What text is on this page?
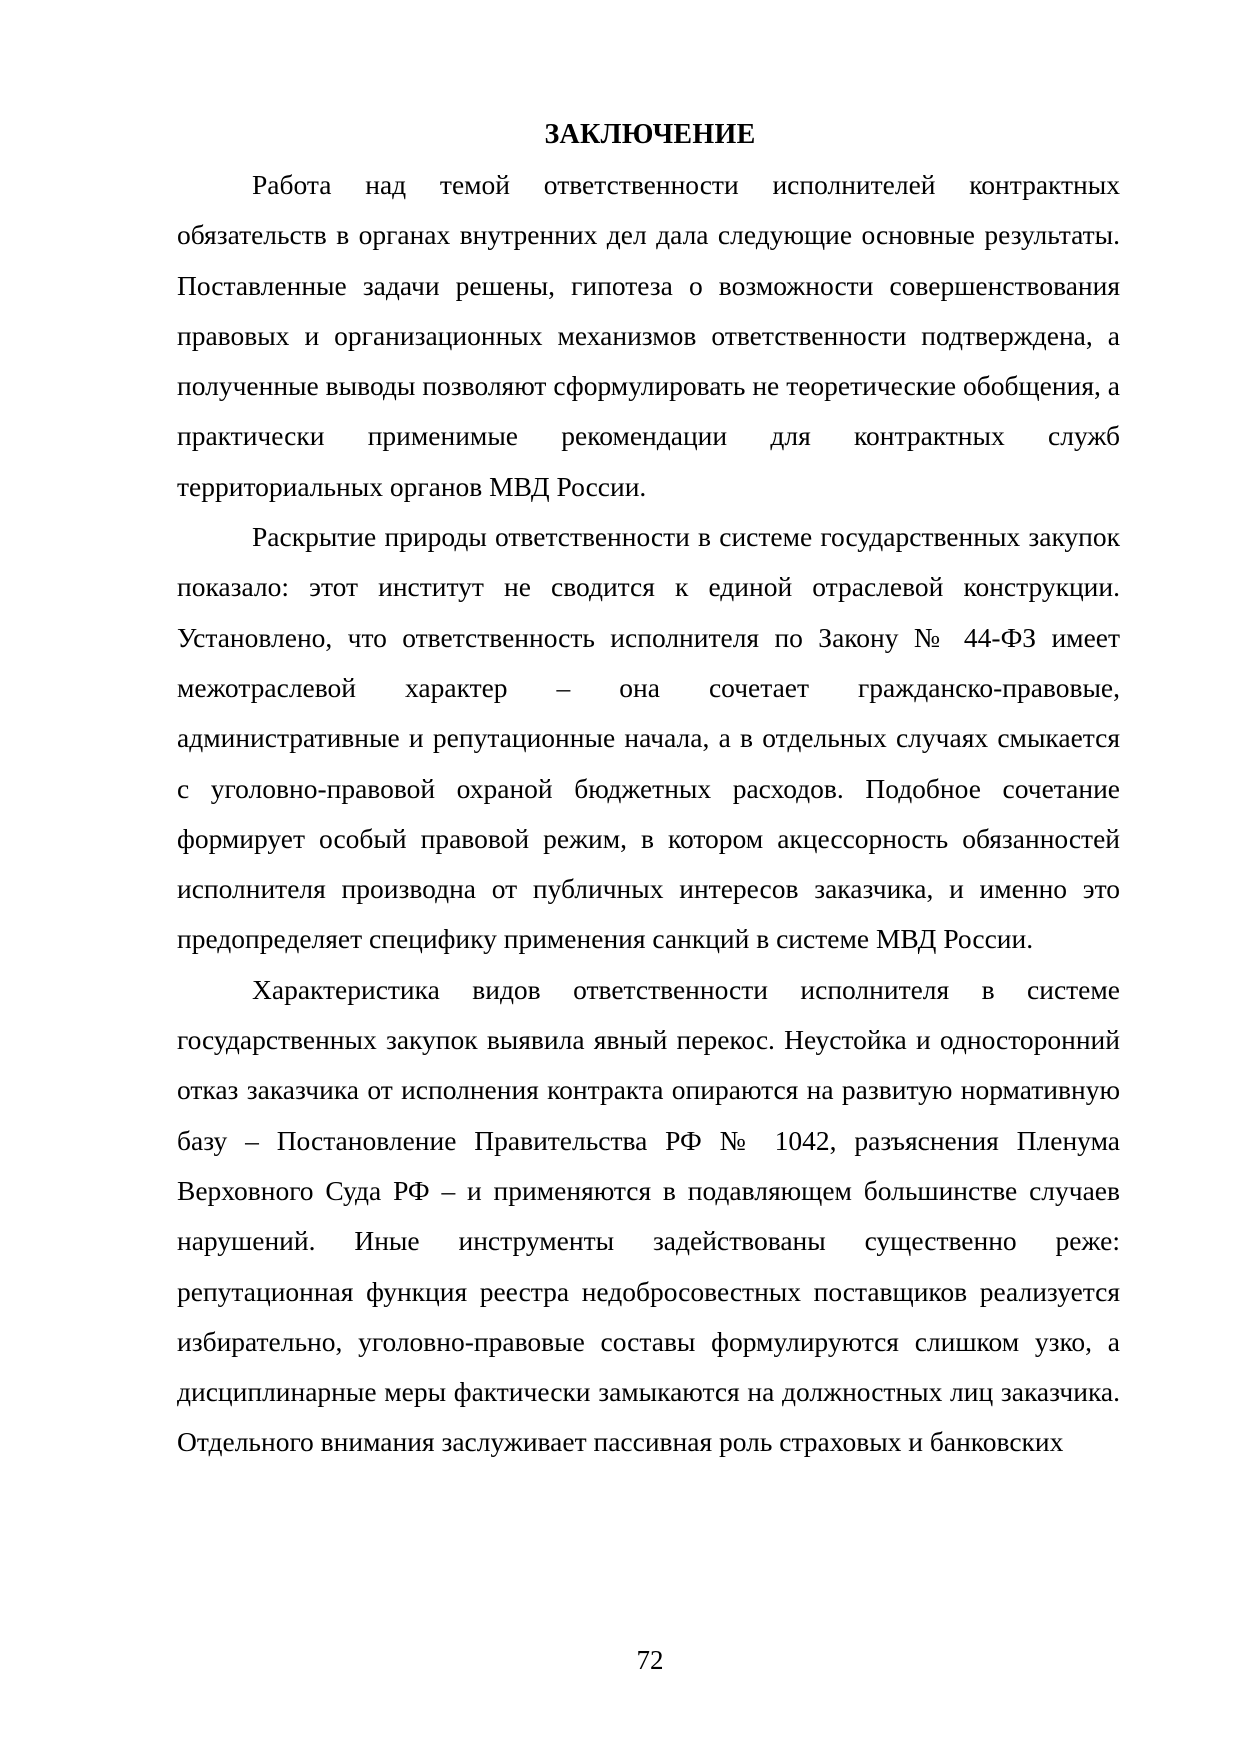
ЗАКЛЮЧЕНИЕ

Работа над темой ответственности исполнителей контрактных обязательств в органах внутренних дел дала следующие основные результаты. Поставленные задачи решены, гипотеза о возможности совершенствования правовых и организационных механизмов ответственности подтверждена, а полученные выводы позволяют сформулировать не теоретические обобщения, а практически применимые рекомендации для контрактных служб территориальных органов МВД России.

Раскрытие природы ответственности в системе государственных закупок показало: этот институт не сводится к единой отраслевой конструкции. Установлено, что ответственность исполнителя по Закону № 44-ФЗ имеет межотраслевой характер – она сочетает гражданско-правовые, административные и репутационные начала, а в отдельных случаях смыкается с уголовно-правовой охраной бюджетных расходов. Подобное сочетание формирует особый правовой режим, в котором акцессорность обязанностей исполнителя производна от публичных интересов заказчика, и именно это предопределяет специфику применения санкций в системе МВД России.

Характеристика видов ответственности исполнителя в системе государственных закупок выявила явный перекос. Неустойка и односторонний отказ заказчика от исполнения контракта опираются на развитую нормативную базу – Постановление Правительства РФ № 1042, разъяснения Пленума Верховного Суда РФ – и применяются в подавляющем большинстве случаев нарушений. Иные инструменты задействованы существенно реже: репутационная функция реестра недобросовестных поставщиков реализуется избирательно, уголовно-правовые составы формулируются слишком узко, а дисциплинарные меры фактически замыкаются на должностных лиц заказчика. Отдельного внимания заслуживает пассивная роль страховых и банковских

72
